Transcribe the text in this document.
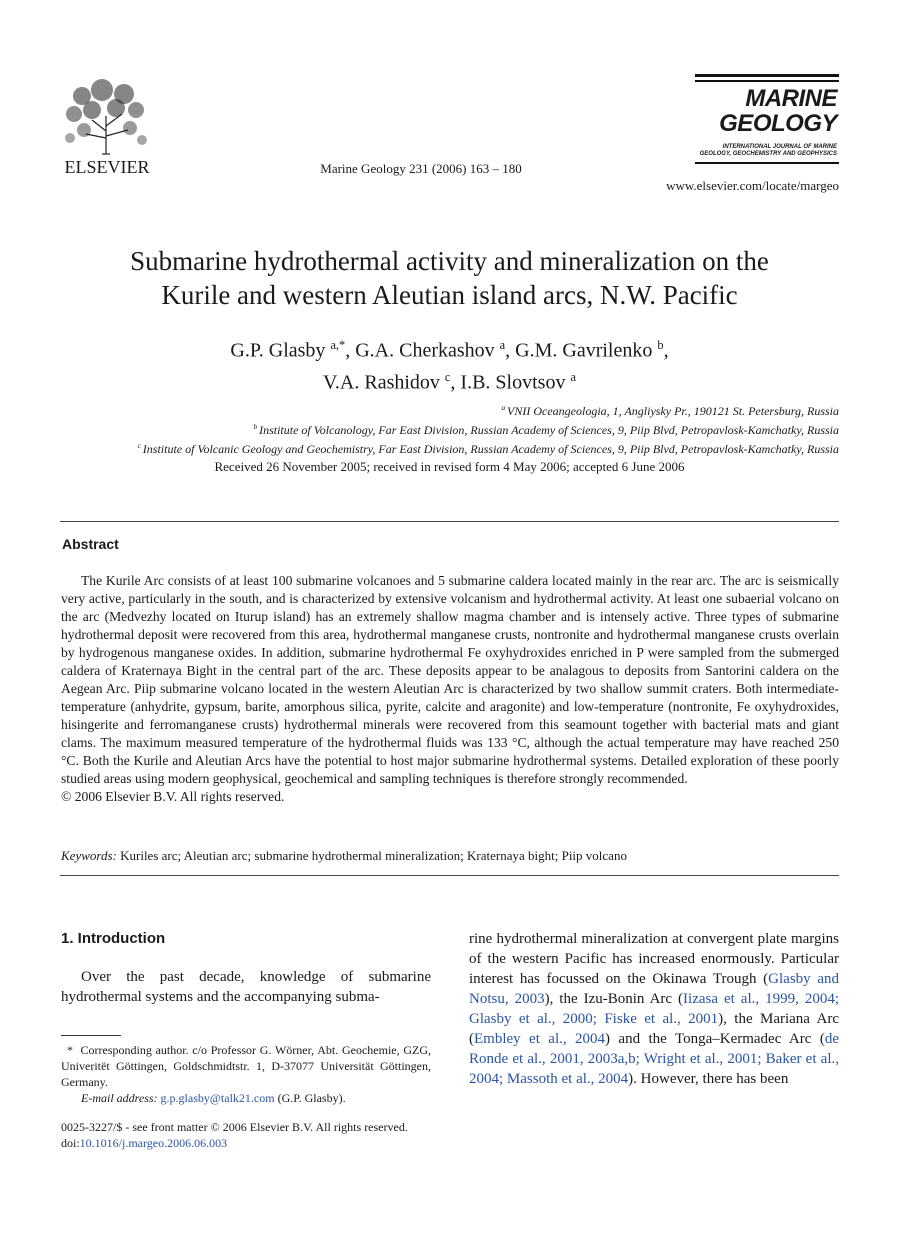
ELSEVIER	Marine Geology 231 (2006) 163 – 180
MARINE
GEOLOGY
INTERNATIONAL JOURNAL OF MARINE
GEOLOGY, GEOCHEMISTRY AND GEOPHYSICS
www.elsevier.com/locate/margeo
Submarine hydrothermal activity and mineralization on the
Kurile and western Aleutian island arcs, N.W. Pacific
G.P. Glasby $^{a,*}$, G.A. Cherkashov $^a$, G.M. Gavrilenko $^b$,
V.A. Rashidov $^c$, I.B. Slovtsov $^a$
$^a$ VNII Oceangeologia, 1, Angliysky Pr., 190121 St. Petersburg, Russia
$^b$ Institute of Volcanology, Far East Division, Russian Academy of Sciences, 9, Piip Blvd, Petropavlosk-Kamchatky, Russia
$^c$ Institute of Volcanic Geology and Geochemistry, Far East Division, Russian Academy of Sciences, 9, Piip Blvd, Petropavlosk-Kamchatky, Russia
Received 26 November 2005; received in revised form 4 May 2006; accepted 6 June 2006
Abstract

The Kurile Arc consists of at least 100 submarine volcanoes and 5 submarine caldera located mainly in the rear arc. The arc is seismically very active, particularly in the south, and is characterized by extensive volcanism and hydrothermal activity. At least one subaerial volcano on the arc (Medvezhy located on Iturup island) has an extremely shallow magma chamber and is intensely active. Three types of submarine hydrothermal deposit were recovered from this area, hydrothermal manganese crusts, nontronite and hydrothermal manganese crusts overlain by hydrogenous manganese oxides. In addition, submarine hydrothermal Fe oxyhydroxides enriched in P were sampled from the submerged caldera of Kraternaya Bight in the central part of the arc. These deposits appear to be analagous to deposits from Santorini caldera on the Aegean Arc. Piip submarine volcano located in the western Aleutian Arc is characterized by two shallow summit craters. Both intermediate-temperature (anhydrite, gypsum, barite, amorphous silica, pyrite, calcite and aragonite) and low-temperature (nontronite, Fe oxyhydroxides, hisingerite and ferromanganese crusts) hydrothermal minerals were recovered from this seamount together with bacterial mats and giant clams. The maximum measured temperature of the hydrothermal fluids was 133 °C, although the actual temperature may have reached 250 °C. Both the Kurile and Aleutian Arcs have the potential to host major submarine hydrothermal systems. Detailed exploration of these poorly studied areas using modern geophysical, geochemical and sampling techniques is therefore strongly recommended.

© 2006 Elsevier B.V. All rights reserved.
Keywords: Kuriles arc; Aleutian arc; submarine hydrothermal mineralization; Kraternaya bight; Piip volcano
1. Introduction

Over the past decade, knowledge of submarine hydrothermal systems and the accompanying subma-

rine hydrothermal mineralization at convergent plate margins of the western Pacific has increased enormously. Particular interest has focussed on the Okinawa Trough (Glasby and Notsu, 2003), the Izu-Bonin Arc (Iizasa et al., 1999, 2004; Glasby et al., 2000; Fiske et al., 2001), the Mariana Arc (Embley et al., 2004) and the Tonga–Kermadec Arc (de Ronde et al., 2001, 2003a,b; Wright et al., 2001; Baker et al., 2004; Massoth et al., 2004). However, there has been

* Corresponding author. c/o Professor G. Wörner, Abt. Geochemie, GZG, Univeritët Göttingen, Goldschmidtstr. 1, D-37077 Universität Göttingen, Germany.

E-mail address: g.p.glasby@talk21.com (G.P. Glasby).

0025-3227/$ - see front matter © 2006 Elsevier B.V. All rights reserved.
doi:10.1016/j.margeo.2006.06.003
